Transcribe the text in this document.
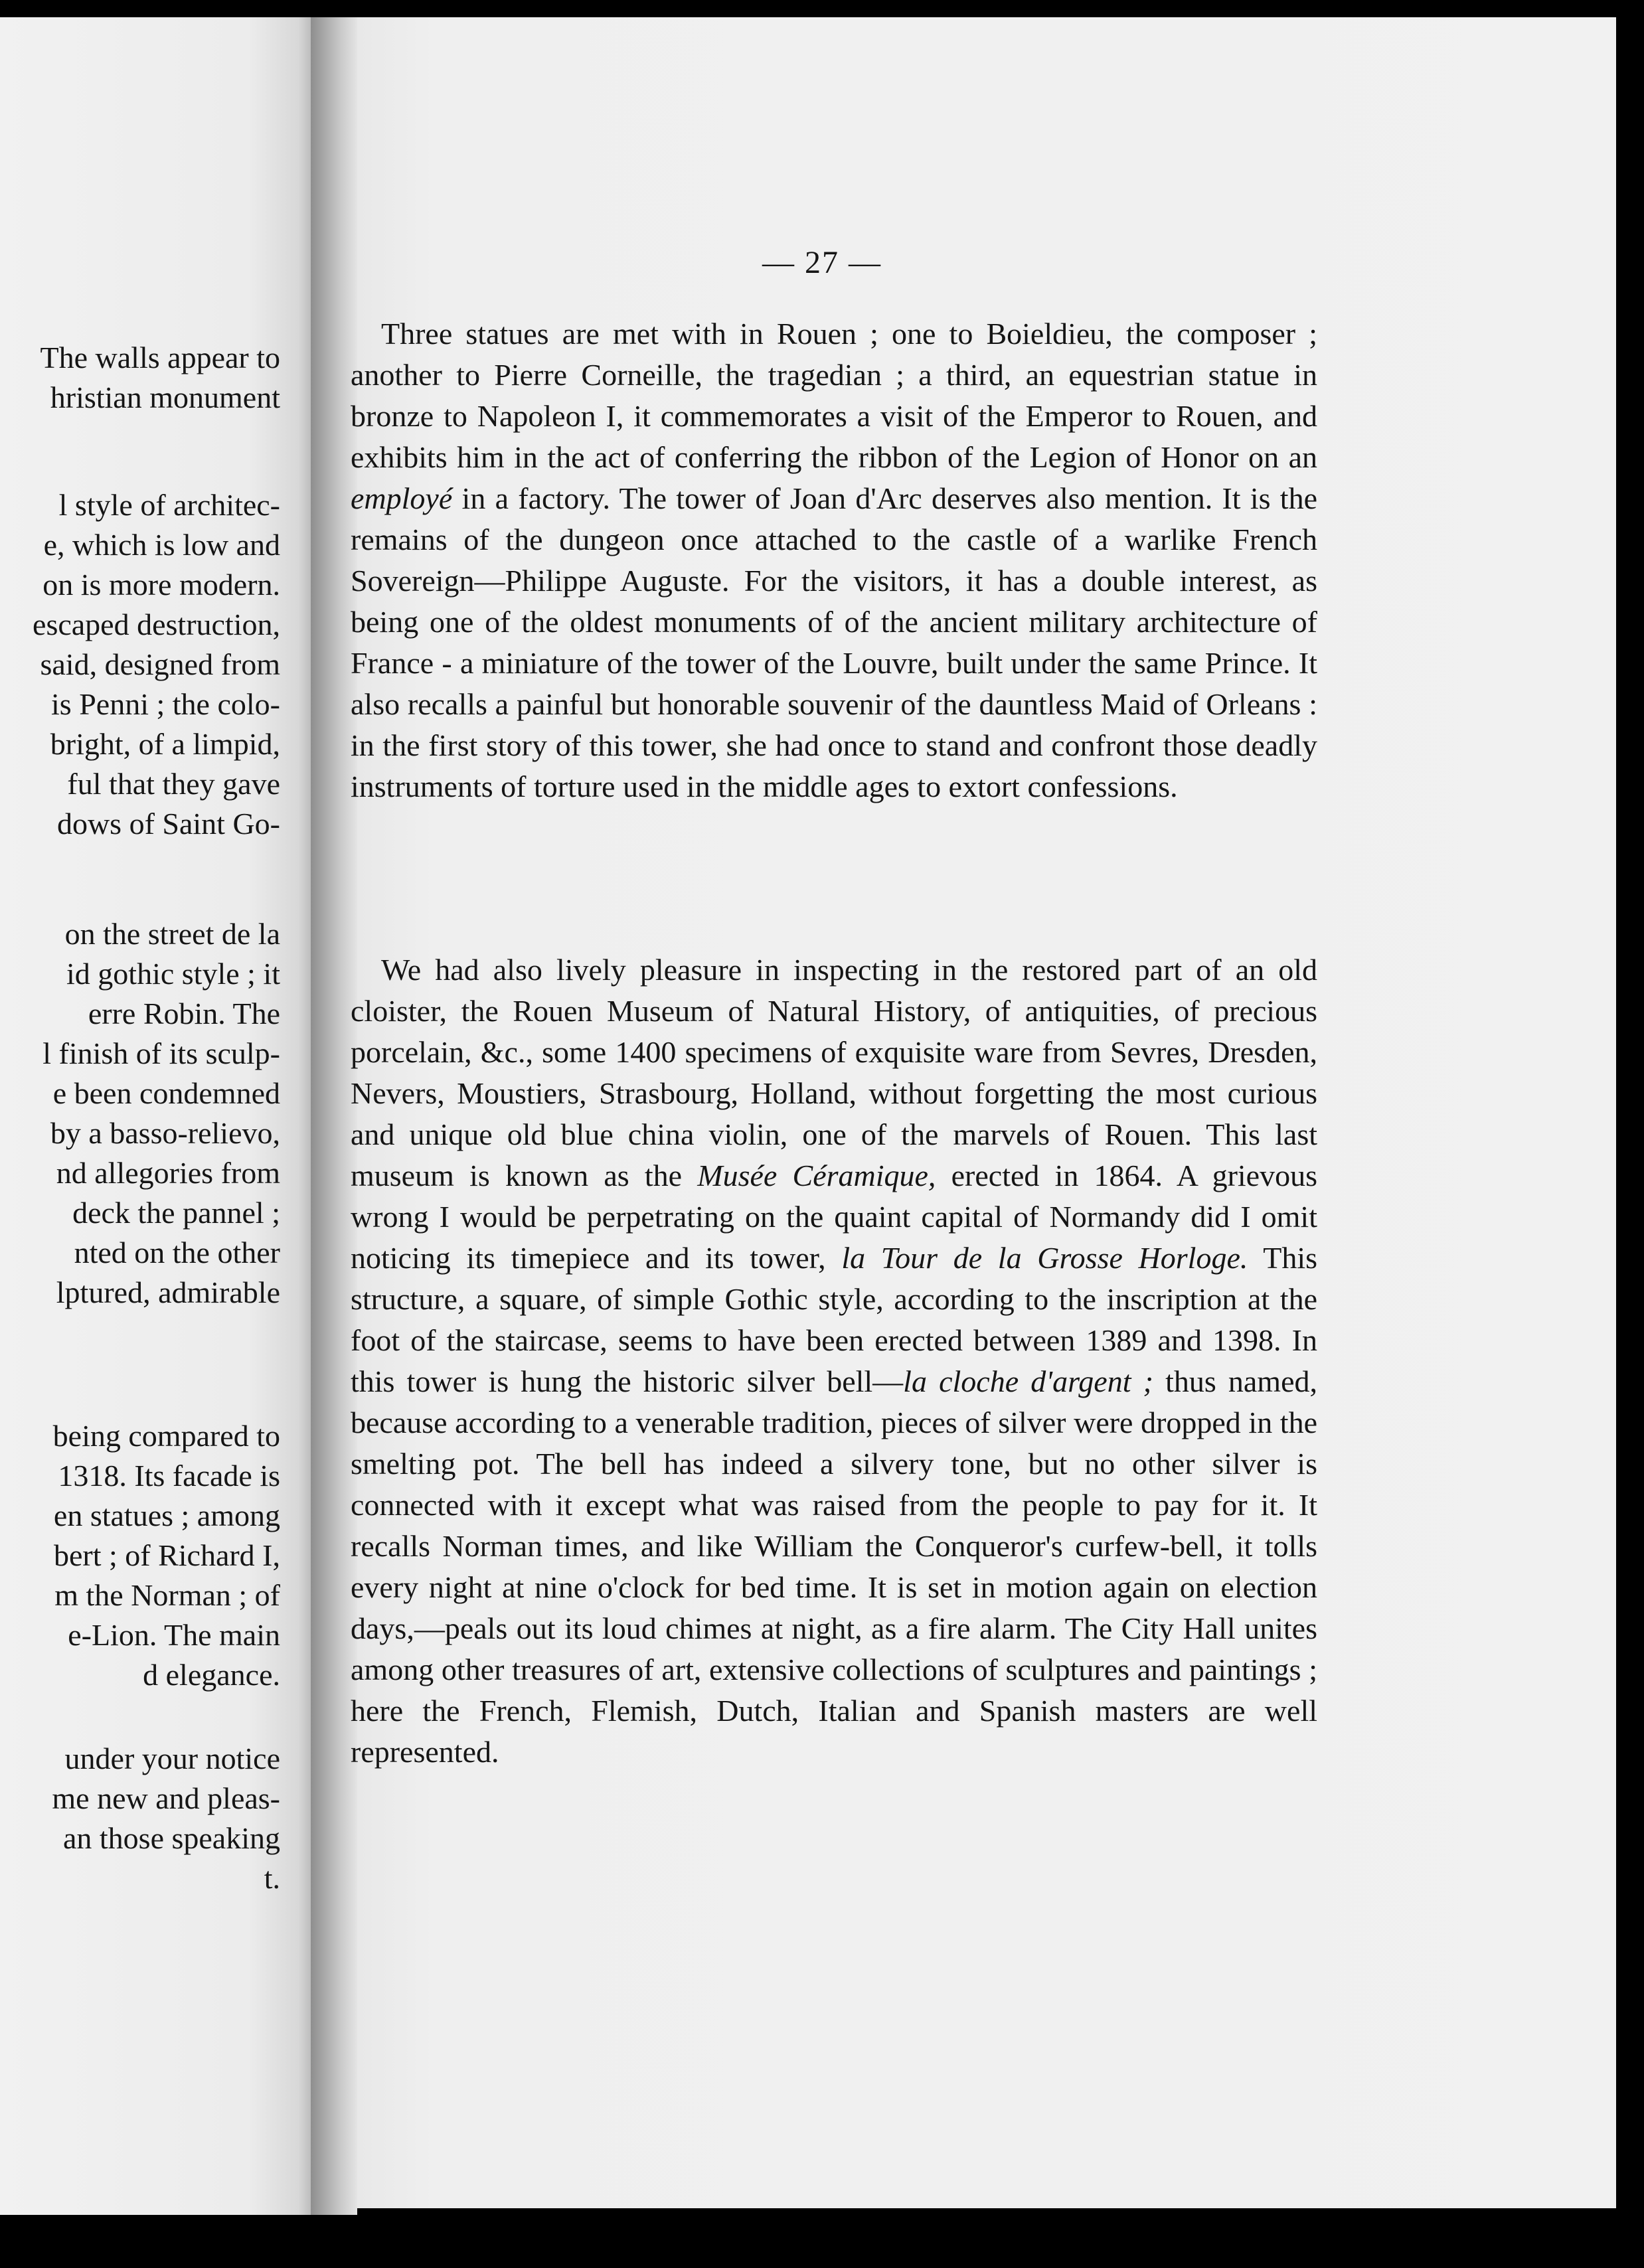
The walls appear to
hristian monument
l style of architec-
e, which is low and
on is more modern.
escaped destruction,
said, designed from
is Penni ; the colo-
bright, of a limpid,
ful that they gave
dows of Saint Go-
on the street de la
id gothic style ; it
erre Robin. The
l finish of its sculp-
e been condemned
by a basso-relievo,
nd allegories from
deck the pannel ;
nted on the other
lptured, admirable
being compared to
1318. Its facade is
en statues ; among
bert ; of Richard I,
m the Norman ; of
e-Lion. The main
d elegance.
under your notice
me new and pleas-
an those speaking
t.
— 27 —

Three statues are met with in Rouen ; one to Boieldieu, the composer ; another to Pierre Corneille, the tragedian ; a third, an equestrian statue in bronze to Napoleon I, it commemorates a visit of the Emperor to Rouen, and exhibits him in the act of conferring the ribbon of the Legion of Honor on an employé in a factory. The tower of Joan d'Arc deserves also mention. It is the remains of the dungeon once attached to the castle of a warlike French Sovereign—Philippe Auguste. For the visitors, it has a double interest, as being one of the oldest monuments of of the ancient military architecture of France - a miniature of the tower of the Louvre, built under the same Prince. It also recalls a painful but honorable souvenir of the dauntless Maid of Orleans : in the first story of this tower, she had once to stand and confront those deadly instruments of torture used in the middle ages to extort confessions.

We had also lively pleasure in inspecting in the restored part of an old cloister, the Rouen Museum of Natural History, of antiquities, of precious porcelain, &c., some 1400 specimens of exquisite ware from Sevres, Dresden, Nevers, Moustiers, Strasbourg, Holland, without forgetting the most curious and unique old blue china violin, one of the marvels of Rouen. This last museum is known as the Musée Céramique, erected in 1864. A grievous wrong I would be perpetrating on the quaint capital of Normandy did I omit noticing its timepiece and its tower, la Tour de la Grosse Horloge. This structure, a square, of simple Gothic style, according to the inscription at the foot of the staircase, seems to have been erected between 1389 and 1398. In this tower is hung the historic silver bell—la cloche d'argent ; thus named, because according to a venerable tradition, pieces of silver were dropped in the smelting pot. The bell has indeed a silvery tone, but no other silver is connected with it except what was raised from the people to pay for it. It recalls Norman times, and like William the Conqueror's curfew-bell, it tolls every night at nine o'clock for bed time. It is set in motion again on election days,—peals out its loud chimes at night, as a fire alarm. The City Hall unites among other treasures of art, extensive collections of sculptures and paintings ; here the French, Flemish, Dutch, Italian and Spanish masters are well represented.
